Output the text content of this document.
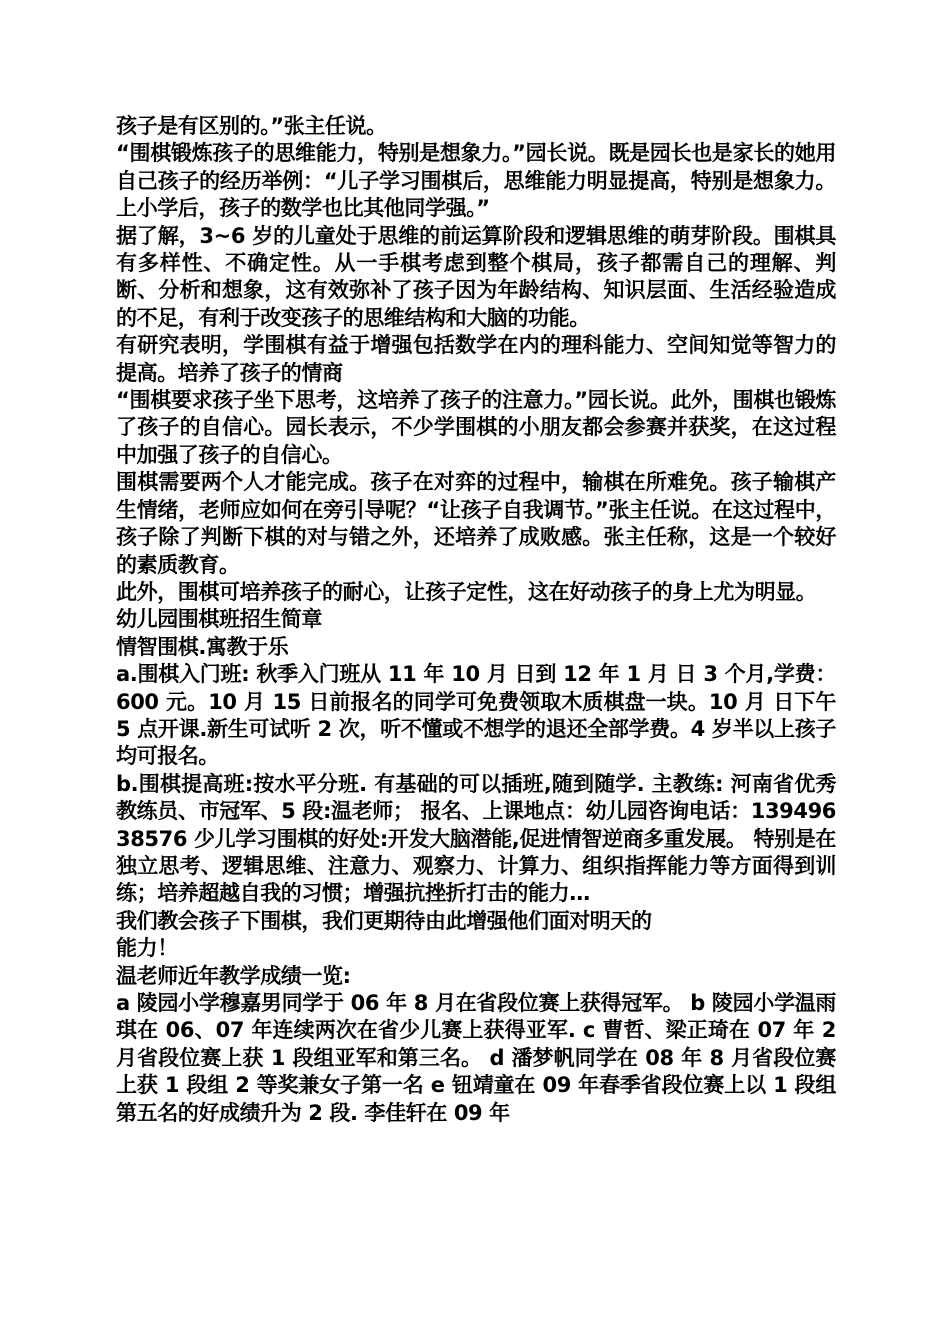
孩子是有区别的。”张主任说。

“围棋锻炼孩子的思维能力，特别是想象力。”园长说。既是园长也是家长的她用自己孩子的经历举例：“儿子学习围棋后，思维能力明显提高，特别是想象力。上小学后，孩子的数学也比其他同学强。”

据了解，3~6 岁的儿童处于思维的前运算阶段和逻辑思维的萌芽阶段。围棋具有多样性、不确定性。从一手棋考虑到整个棋局，孩子都需自己的理解、判断、分析和想象，这有效弥补了孩子因为年龄结构、知识层面、生活经验造成的不足，有利于改变孩子的思维结构和大脑的功能。

有研究表明，学围棋有益于增强包括数学在内的理科能力、空间知觉等智力的提高。培养了孩子的情商

“围棋要求孩子坐下思考，这培养了孩子的注意力。”园长说。此外，围棋也锻炼了孩子的自信心。园长表示，不少学围棋的小朋友都会参赛并获奖，在这过程中加强了孩子的自信心。

围棋需要两个人才能完成。孩子在对弈的过程中，输棋在所难免。孩子输棋产生情绪，老师应如何在旁引导呢？“让孩子自我调节。”张主任说。在这过程中，孩子除了判断下棋的对与错之外，还培养了成败感。张主任称，这是一个较好的素质教育。

此外，围棋可培养孩子的耐心，让孩子定性，这在好动孩子的身上尤为明显。

幼儿园围棋班招生简章

情智围棋.寓教于乐

a.围棋入门班: 秋季入门班从 11 年 10 月 日到 12 年 1 月 日 3 个月,学费：600 元。10 月 15 日前报名的同学可免费领取木质棋盘一块。10 月 日下午 5 点开课.新生可试听 2 次，听不懂或不想学的退还全部学费。4 岁半以上孩子均可报名。

b.围棋提高班:按水平分班. 有基础的可以插班,随到随学. 主教练: 河南省优秀教练员、市冠军、5 段:温老师； 报名、上课地点：幼儿园咨询电话：13949638576 少儿学习围棋的好处:开发大脑潜能,促进情智逆商多重发展。 特别是在独立思考、逻辑思维、注意力、观察力、计算力、组织指挥能力等方面得到训练；培养超越自我的习惯；增强抗挫折打击的能力…

我们教会孩子下围棋，我们更期待由此增强他们面对明天的

能力！

温老师近年教学成绩一览:

a 陵园小学穆嘉男同学于 06 年 8 月在省段位赛上获得冠军。 b 陵园小学温雨琪在 06、07 年连续两次在省少儿赛上获得亚军. c 曹哲、梁正琦在 07 年 2 月省段位赛上获 1 段组亚军和第三名。 d 潘梦帆同学在 08 年 8 月省段位赛上获 1 段组 2 等奖兼女子第一名 e 钮靖童在 09 年春季省段位赛上以 1 段组第五名的好成绩升为 2 段. 李佳轩在 09 年
